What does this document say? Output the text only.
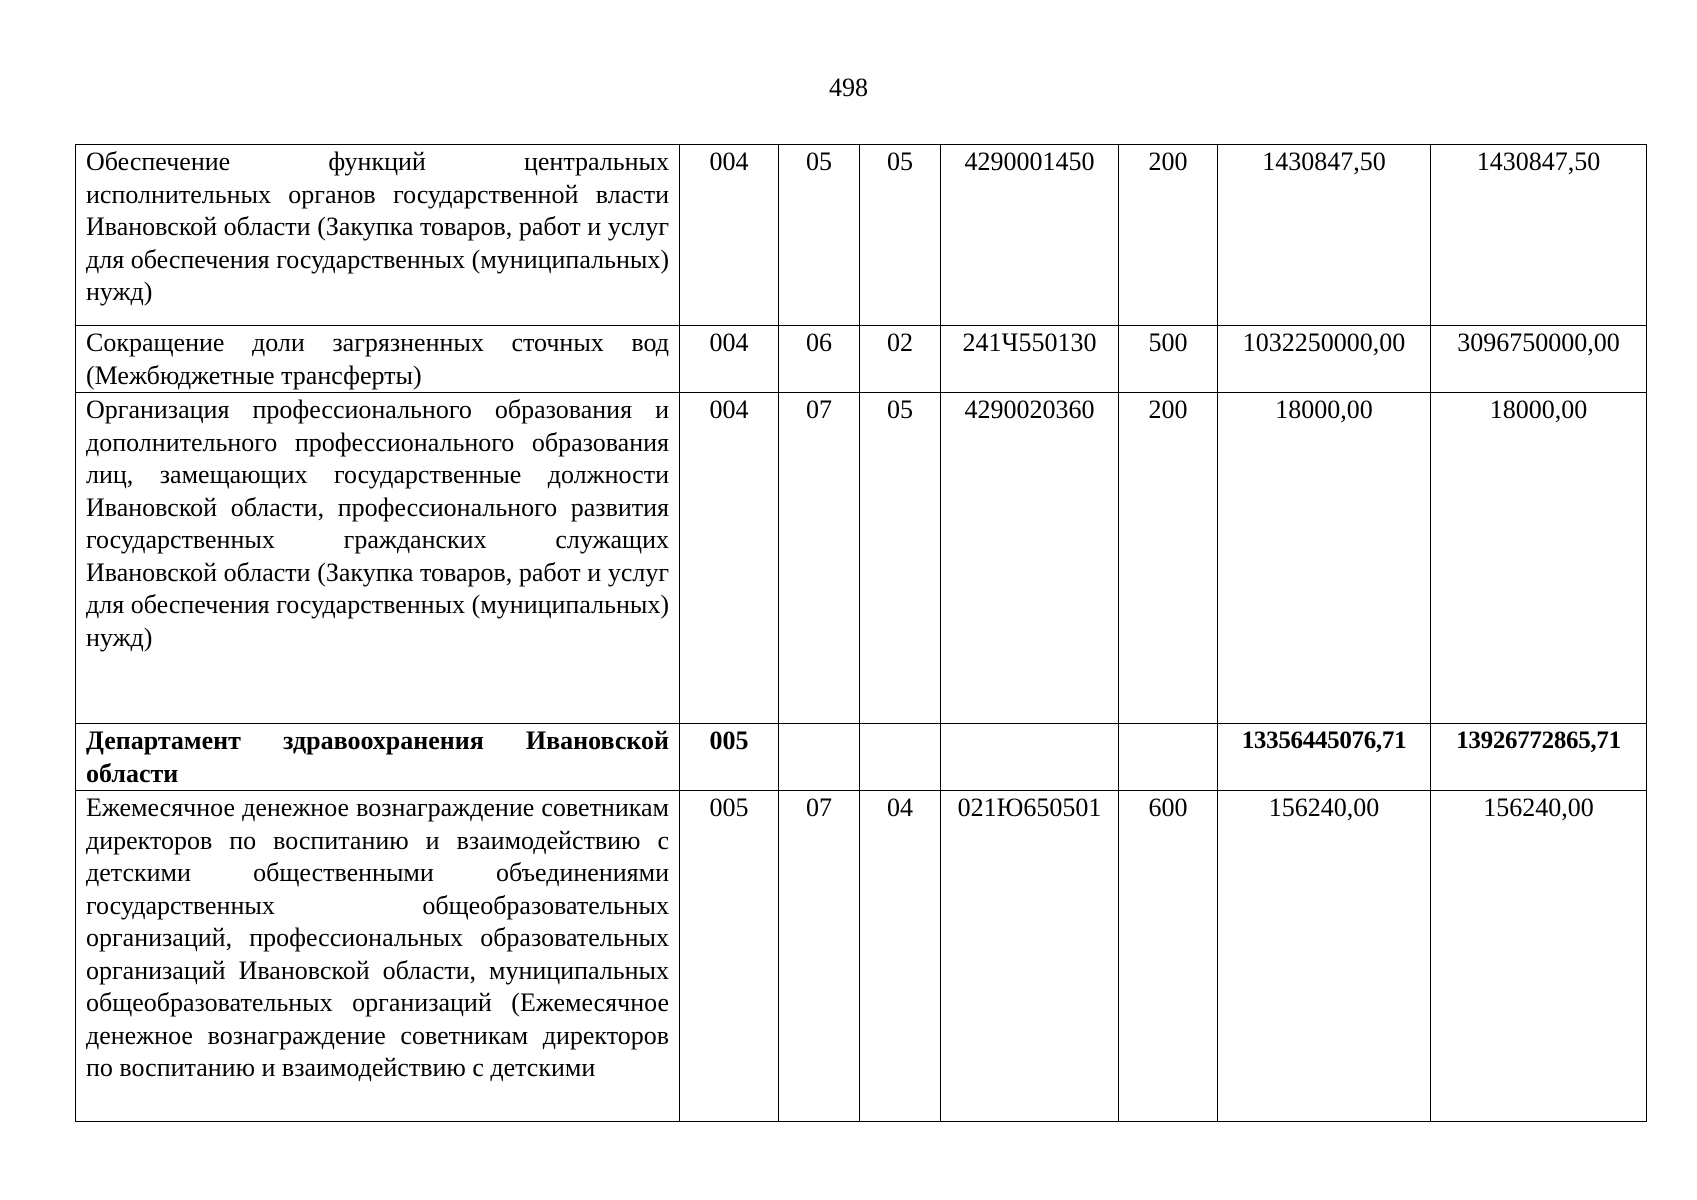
498
Обеспечение функций центральных исполнительных органов государственной власти Ивановской области (Закупка товаров, работ и услуг для обеспечения государственных (муниципальных) нужд)	004	05	05	4290001450	200	1430847,50	1430847,50
Сокращение доли загрязненных сточных вод (Межбюджетные трансферты)	004	06	02	241Ч550130	500	1032250000,00	3096750000,00
Организация профессионального образования и дополнительного профессионального образования лиц, замещающих государственные должности Ивановской области, профессионального развития государственных гражданских служащих Ивановской области (Закупка товаров, работ и услуг для обеспечения государственных (муниципальных) нужд)	004	07	05	4290020360	200	18000,00	18000,00
Департамент здравоохранения Ивановской области	005					13356445076,71	13926772865,71
Ежемесячное денежное вознаграждение советникам директоров по воспитанию и взаимодействию с детскими общественными объединениями государственных общеобразовательных организаций, профессиональных образовательных организаций Ивановской области, муниципальных общеобразовательных организаций (Ежемесячное денежное вознаграждение советникам директоров по воспитанию и взаимодействию с детскими	005	07	04	021Ю650501	600	156240,00	156240,00
